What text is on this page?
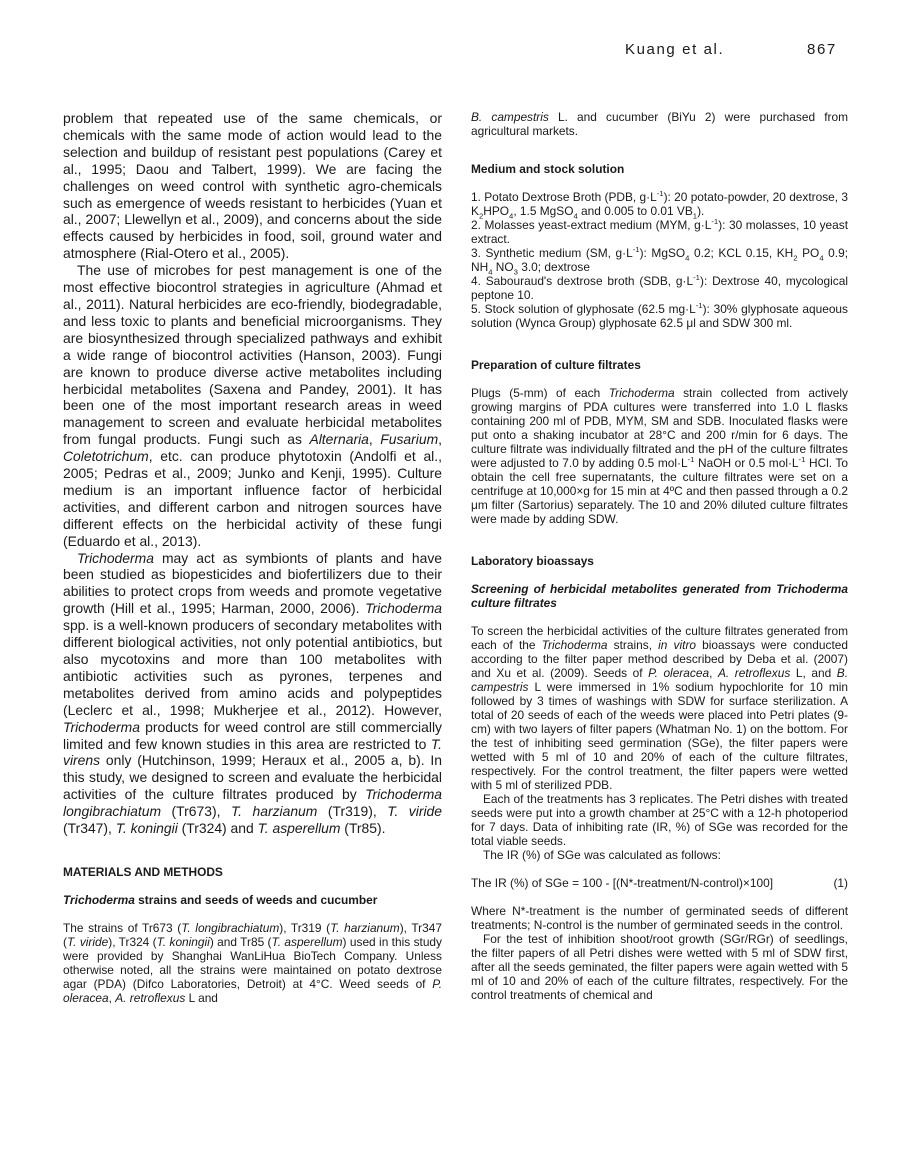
Kuang et al.	867

problem that repeated use of the same chemicals, or chemicals with the same mode of action would lead to the selection and buildup of resistant pest populations (Carey et al., 1995; Daou and Talbert, 1999). We are facing the challenges on weed control with synthetic agro-chemicals such as emergence of weeds resistant to herbicides (Yuan et al., 2007; Llewellyn et al., 2009), and concerns about the side effects caused by herbicides in food, soil, ground water and atmosphere (Rial-Otero et al., 2005).

The use of microbes for pest management is one of the most effective biocontrol strategies in agriculture (Ahmad et al., 2011). Natural herbicides are eco-friendly, biodegradable, and less toxic to plants and beneficial microorganisms. They are biosynthesized through specialized pathways and exhibit a wide range of biocontrol activities (Hanson, 2003). Fungi are known to produce diverse active metabolites including herbicidal metabolites (Saxena and Pandey, 2001). It has been one of the most important research areas in weed management to screen and evaluate herbicidal metabolites from fungal products. Fungi such as Alternaria, Fusarium, Coletotrichum, etc. can produce phytotoxin (Andolfi et al., 2005; Pedras et al., 2009; Junko and Kenji, 1995). Culture medium is an important influence factor of herbicidal activities, and different carbon and nitrogen sources have different effects on the herbicidal activity of these fungi (Eduardo et al., 2013).

Trichoderma may act as symbionts of plants and have been studied as biopesticides and biofertilizers due to their abilities to protect crops from weeds and promote vegetative growth (Hill et al., 1995; Harman, 2000, 2006). Trichoderma spp. is a well-known producers of secondary metabolites with different biological activities, not only potential antibiotics, but also mycotoxins and more than 100 metabolites with antibiotic activities such as pyrones, terpenes and metabolites derived from amino acids and polypeptides (Leclerc et al., 1998; Mukherjee et al., 2012). However, Trichoderma products for weed control are still commercially limited and few known studies in this area are restricted to T. virens only (Hutchinson, 1999; Heraux et al., 2005 a, b). In this study, we designed to screen and evaluate the herbicidal activities of the culture filtrates produced by Trichoderma longibrachiatum (Tr673), T. harzianum (Tr319), T. viride (Tr347), T. koningii (Tr324) and T. asperellum (Tr85).

MATERIALS AND METHODS
Trichoderma strains and seeds of weeds and cucumber

The strains of Tr673 (T. longibrachiatum), Tr319 (T. harzianum), Tr347 (T. viride), Tr324 (T. koningii) and Tr85 (T. asperellum) used in this study were provided by Shanghai WanLiHua BioTech Company. Unless otherwise noted, all the strains were maintained on potato dextrose agar (PDA) (Difco Laboratories, Detroit) at 4°C. Weed seeds of P. oleracea, A. retroflexus L and

B. campestris L. and cucumber (BiYu 2) were purchased from agricultural markets.

Medium and stock solution

1. Potato Dextrose Broth (PDB, $g\cdot L^{-1}$): 20 potato-powder, 20 dextrose, 3 $K_2HPO_4$, 1.5 MgSO$_4$ and 0.005 to 0.01 $VB_1$).

2. Molasses yeast-extract medium (MYM, $g\cdot L^{-1}$): 30 molasses, 10 yeast extract.

3. Synthetic medium (SM, $g\cdot L^{-1}$): MgSO$_4$ 0.2; KCL 0.15, $KH_2$ $PO_4$ 0.9; $NH_4$ $NO_3$ 3.0; dextrose

4. Sabouraud's dextrose broth (SDB, $g\cdot L^{-1}$): Dextrose 40, mycological peptone 10.

5. Stock solution of glyphosate (62.5 $mg\cdot L^{-1}$): 30% glyphosate aqueous solution (Wynca Group) glyphosate 62.5 μl and SDW 300 ml.

Preparation of culture filtrates

Plugs (5-mm) of each Trichoderma strain collected from actively growing margins of PDA cultures were transferred into 1.0 L flasks containing 200 ml of PDB, MYM, SM and SDB. Inoculated flasks were put onto a shaking incubator at 28°C and 200 r/min for 6 days. The culture filtrate was individually filtrated and the pH of the culture filtrates were adjusted to 7.0 by adding 0.5 $mol\cdot L^{-1}$ NaOH or 0.5 $mol\cdot L^{-1}$ HCl. To obtain the cell free supernatants, the culture filtrates were set on a centrifuge at 10,000×g for 15 min at 4ºC and then passed through a 0.2 μm filter (Sartorius) separately. The 10 and 20% diluted culture filtrates were made by adding SDW.

Laboratory bioassays
Screening of herbicidal metabolites generated from Trichoderma culture filtrates

To screen the herbicidal activities of the culture filtrates generated from each of the Trichoderma strains, in vitro bioassays were conducted according to the filter paper method described by Deba et al. (2007) and Xu et al. (2009). Seeds of P. oleracea, A. retroflexus L, and B. campestris L were immersed in 1% sodium hypochlorite for 10 min followed by 3 times of washings with SDW for surface sterilization. A total of 20 seeds of each of the weeds were placed into Petri plates (9-cm) with two layers of filter papers (Whatman No. 1) on the bottom. For the test of inhibiting seed germination (SGe), the filter papers were wetted with 5 ml of 10 and 20% of each of the culture filtrates, respectively. For the control treatment, the filter papers were wetted with 5 ml of sterilized PDB.

Each of the treatments has 3 replicates. The Petri dishes with treated seeds were put into a growth chamber at 25°C with a 12-h photoperiod for 7 days. Data of inhibiting rate (IR, %) of SGe was recorded for the total viable seeds.

The IR (%) of SGe was calculated as follows:

The IR (%) of SGe = 100 - [(N*-treatment/N-control)×100]	(1)

Where N*-treatment is the number of germinated seeds of different treatments; N-control is the number of germinated seeds in the control.

For the test of inhibition shoot/root growth (SGr/RGr) of seedlings, the filter papers of all Petri dishes were wetted with 5 ml of SDW first, after all the seeds geminated, the filter papers were again wetted with 5 ml of 10 and 20% of each of the culture filtrates, respectively. For the control treatments of chemical and
